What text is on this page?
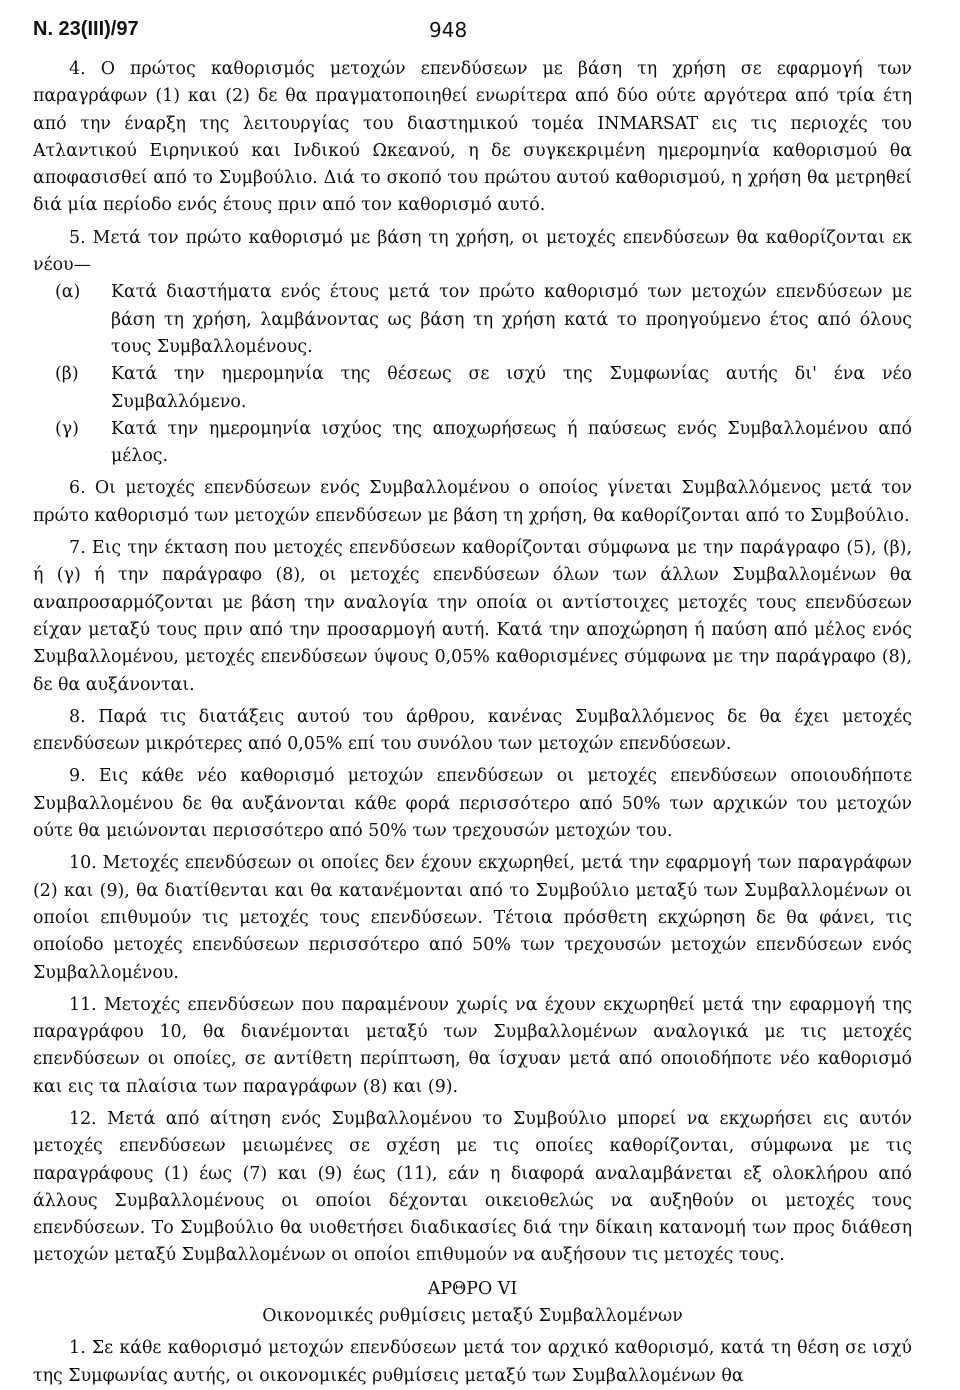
Ν. 23(ΙΙΙ)/97	948

4. Ο πρώτος καθορισμός μετοχών επενδύσεων με βάση τη χρήση σε εφαρμογή των παραγράφων (1) και (2) δε θα πραγματοποιηθεί ενωρίτερα από δύο ούτε αργότερα από τρία έτη από την έναρξη της λειτουργίας του διαστημικού τομέα INMARSAT εις τις περιοχές του Ατλαντικού Ειρηνικού και Ινδικού Ωκεανού, η δε συγκεκριμένη ημερομηνία καθορισμού θα αποφασισθεί από το Συμβούλιο. Διά το σκοπό του πρώτου αυτού καθορισμού, η χρήση θα μετρηθεί διά μία περίοδο ενός έτους πριν από τον καθορισμό αυτό.

5. Μετά τον πρώτο καθορισμό με βάση τη χρήση, οι μετοχές επενδύσεων θα καθορίζονται εκ νέου—

(α)	Κατά διαστήματα ενός έτους μετά τον πρώτο καθορισμό των μετοχών επενδύσεων με βάση τη χρήση, λαμβάνοντας ως βάση τη χρήση κατά το προηγούμενο έτος από όλους τους Συμβαλλομένους.
(β)	Κατά την ημερομηνία της θέσεως σε ισχύ της Συμφωνίας αυτής δι' ένα νέο Συμβαλλόμενο.
(γ)	Κατά την ημερομηνία ισχύος της αποχωρήσεως ή παύσεως ενός Συμβαλλομένου από μέλος.

6. Οι μετοχές επενδύσεων ενός Συμβαλλομένου ο οποίος γίνεται Συμβαλλόμενος μετά τον πρώτο καθορισμό των μετοχών επενδύσεων με βάση τη χρήση, θα καθορίζονται από το Συμβούλιο.

7. Εις την έκταση που μετοχές επενδύσεων καθορίζονται σύμφωνα με την παράγραφο (5), (β), ή (γ) ή την παράγραφο (8), οι μετοχές επενδύσεων όλων των άλλων Συμβαλλομένων θα αναπροσαρμόζονται με βάση την αναλογία την οποία οι αντίστοιχες μετοχές τους επενδύσεων είχαν μεταξύ τους πριν από την προσαρμογή αυτή. Κατά την αποχώρηση ή παύση από μέλος ενός Συμβαλλομένου, μετοχές επενδύσεων ύψους 0,05% καθορισμένες σύμφωνα με την παράγραφο (8), δε θα αυξάνονται.

8. Παρά τις διατάξεις αυτού του άρθρου, κανένας Συμβαλλόμενος δε θα έχει μετοχές επενδύσεων μικρότερες από 0,05% επί του συνόλου των μετοχών επενδύσεων.

9. Εις κάθε νέο καθορισμό μετοχών επενδύσεων οι μετοχές επενδύσεων οποιουδήποτε Συμβαλλομένου δε θα αυξάνονται κάθε φορά περισσότερο από 50% των αρχικών του μετοχών ούτε θα μειώνονται περισσότερο από 50% των τρεχουσών μετοχών του.

10. Μετοχές επενδύσεων οι οποίες δεν έχουν εκχωρηθεί, μετά την εφαρμογή των παραγράφων (2) και (9), θα διατίθενται και θα κατανέμονται από το Συμβούλιο μεταξύ των Συμβαλλομένων οι οποίοι επιθυμούν τις μετοχές τους επενδύσεων. Τέτοια πρόσθετη εκχώρηση δε θα φάνει, τις οποίοδο μετοχές επενδύσεων περισσότερο από 50% των τρεχουσών μετοχών επενδύσεων ενός Συμβαλλομένου.

11. Μετοχές επενδύσεων που παραμένουν χωρίς να έχουν εκχωρηθεί μετά την εφαρμογή της παραγράφου 10, θα διανέμονται μεταξύ των Συμβαλλομένων αναλογικά με τις μετοχές επενδύσεων οι οποίες, σε αντίθετη περίπτωση, θα ίσχυαν μετά από οποιοδήποτε νέο καθορισμό και εις τα πλαίσια των παραγράφων (8) και (9).

12. Μετά από αίτηση ενός Συμβαλλομένου το Συμβούλιο μπορεί να εκχωρήσει εις αυτόν μετοχές επενδύσεων μειωμένες σε σχέση με τις οποίες καθορίζονται, σύμφωνα με τις παραγράφους (1) έως (7) και (9) έως (11), εάν η διαφορά αναλαμβάνεται εξ ολοκλήρου από άλλους Συμβαλλομένους οι οποίοι δέχονται οικειοθελώς να αυξηθούν οι μετοχές τους επενδύσεων. Το Συμβούλιο θα υιοθετήσει διαδικασίες διά την δίκαιη κατανομή των προς διάθεση μετοχών μεταξύ Συμβαλλομένων οι οποίοι επιθυμούν να αυξήσουν τις μετοχές τους.

ΑΡΘΡΟ VI

Οικονομικές ρυθμίσεις μεταξύ Συμβαλλομένων

1. Σε κάθε καθορισμό μετοχών επενδύσεων μετά τον αρχικό καθορισμό, κατά τη θέση σε ισχύ της Συμφωνίας αυτής, οι οικονομικές ρυθμίσεις μεταξύ των Συμβαλλομένων θα
